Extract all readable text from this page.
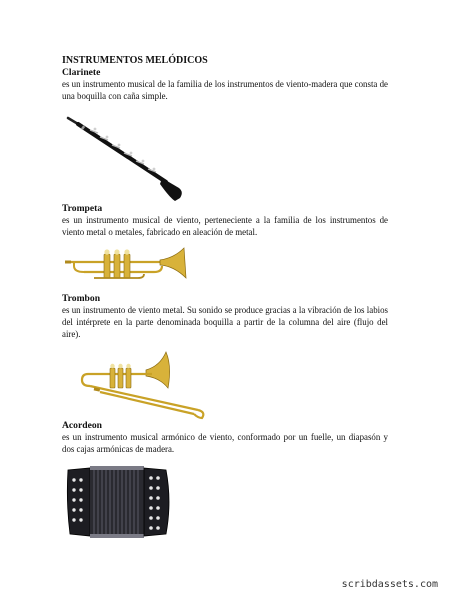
INSTRUMENTOS MELÓDICOS
Clarinete
es un instrumento musical de la familia de los instrumentos de viento-madera que consta de una boquilla con caña simple.
Trompeta
es un instrumento musical de viento, perteneciente a la familia de los instrumentos de viento metal o metales, fabricado en aleación de metal.
Trombon
es un instrumento de viento metal. Su sonido se produce gracias a la vibración de los labios del intérprete en la parte denominada boquilla a partir de la columna del aire (flujo del aire).
Acordeon
es un instrumento musical armónico de viento, conformado por un fuelle, un diapasón y dos cajas armónicas de madera.
scribdassets.com
